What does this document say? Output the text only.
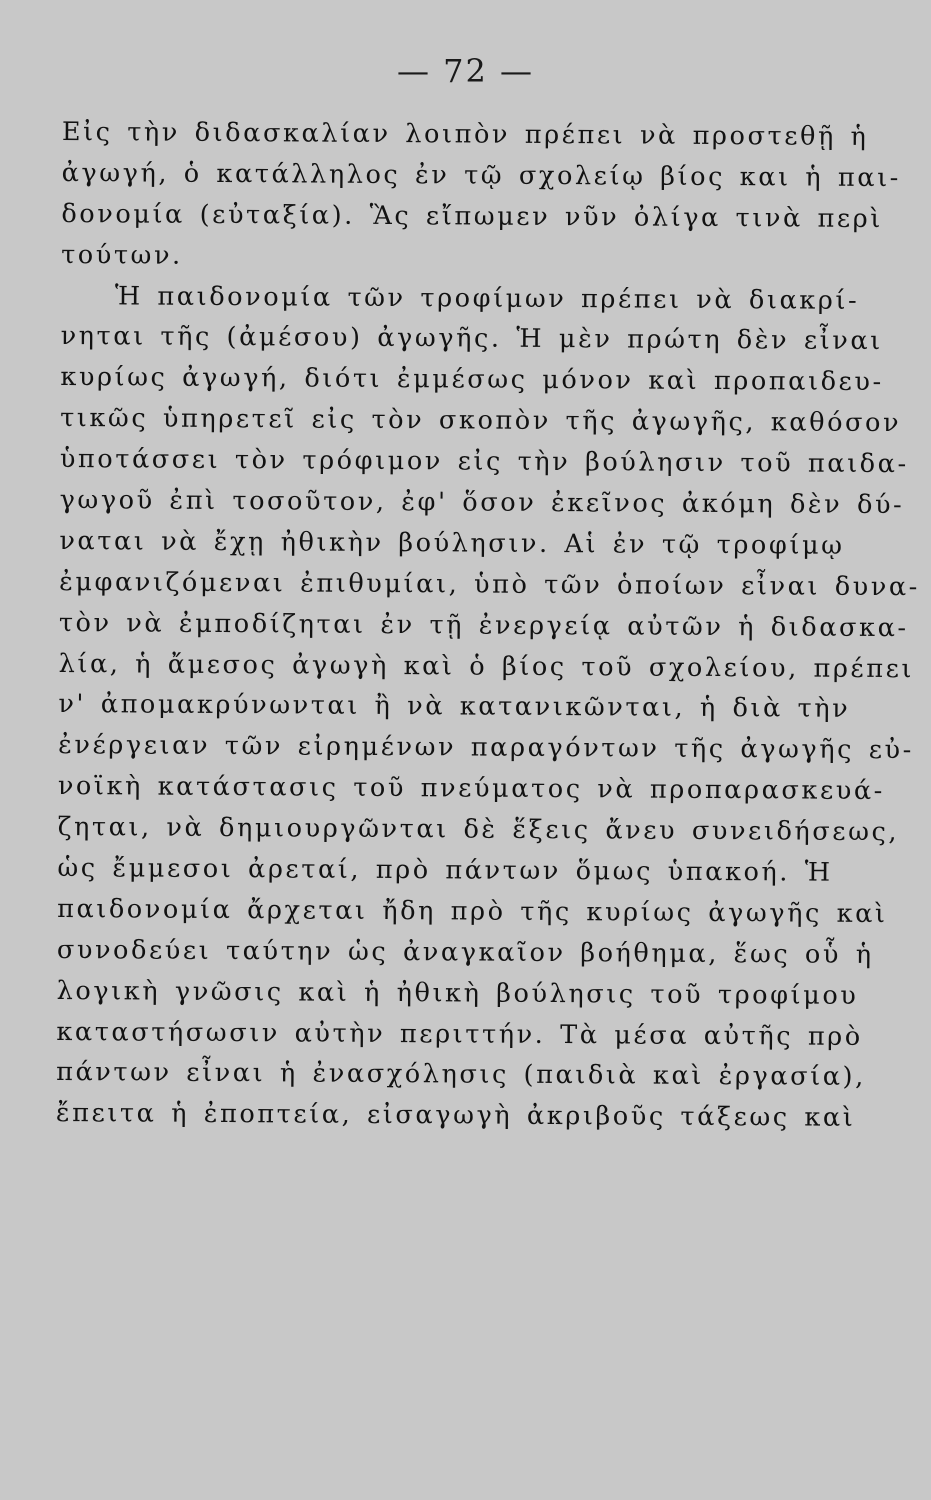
— 72 —
Εἰς τὴν διδασκαλίαν λοιπὸν πρέπει νὰ προστεθῇ ἡ
ἀγωγή, ὁ κατάλληλος ἐν τῷ σχολείῳ βίος και ἡ παι-
δονομία (εὐταξία). Ἃς εἴπωμεν νῦν ὀλίγα τινὰ περὶ
τούτων.
Ἡ παιδονομία τῶν τροφίμων πρέπει νὰ διακρί-
νηται τῆς (ἀμέσου) ἀγωγῆς. Ἡ μὲν πρώτη δὲν εἶναι
κυρίως ἀγωγή, διότι ἐμμέσως μόνον καὶ προπαιδευ-
τικῶς ὑπηρετεῖ εἰς τὸν σκοπὸν τῆς ἀγωγῆς, καθόσον
ὑποτάσσει τὸν τρόφιμον εἰς τὴν βούλησιν τοῦ παιδα-
γωγοῦ ἐπὶ τοσοῦτον, ἐφ' ὅσον ἐκεῖνος ἀκόμη δὲν δύ-
ναται νὰ ἔχῃ ἠθικὴν βούλησιν. Αἱ ἐν τῷ τροφίμῳ
ἐμφανιζόμεναι ἐπιθυμίαι, ὑπὸ τῶν ὁποίων εἶναι δυνα-
τὸν νὰ ἐμποδίζηται ἐν τῇ ἐνεργείᾳ αὐτῶν ἡ διδασκα-
λία, ἡ ἄμεσος ἀγωγὴ καὶ ὁ βίος τοῦ σχολείου, πρέπει
ν' ἀπομακρύνωνται ἢ νὰ κατανικῶνται, ἡ διὰ τὴν
ἐνέργειαν τῶν εἰρημένων παραγόντων τῆς ἀγωγῆς εὐ-
νοϊκὴ κατάστασις τοῦ πνεύματος νὰ προπαρασκευά-
ζηται, νὰ δημιουργῶνται δὲ ἕξεις ἄνευ συνειδήσεως,
ὡς ἔμμεσοι ἀρεταί, πρὸ πάντων ὅμως ὑπακοή. Ἡ
παιδονομία ἄρχεται ἤδη πρὸ τῆς κυρίως ἀγωγῆς καὶ
συνοδεύει ταύτην ὡς ἀναγκαῖον βοήθημα, ἕως οὗ ἡ
λογικὴ γνῶσις καὶ ἡ ἠθικὴ βούλησις τοῦ τροφίμου
καταστήσωσιν αὐτὴν περιττήν. Τὰ μέσα αὐτῆς πρὸ
πάντων εἶναι ἡ ἐνασχόλησις (παιδιὰ καὶ ἐργασία),
ἔπειτα ἡ ἐποπτεία, εἰσαγωγὴ ἀκριβοῦς τάξεως καὶ
